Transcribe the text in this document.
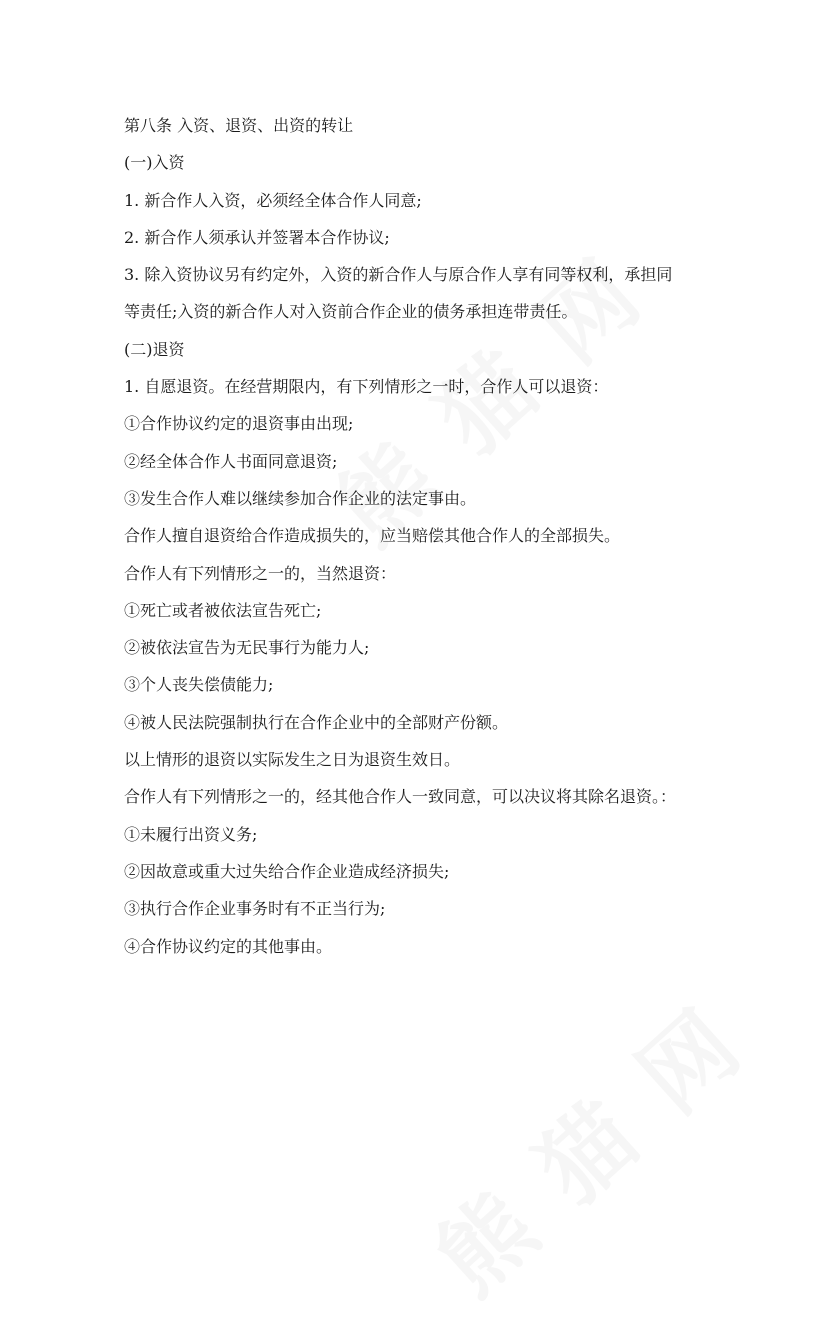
第八条 入资、退资、出资的转让
(一)入资
1. 新合作人入资，必须经全体合作人同意;
2. 新合作人须承认并签署本合作协议;
3. 除入资协议另有约定外，入资的新合作人与原合作人享有同等权利，承担同
等责任;入资的新合作人对入资前合作企业的债务承担连带责任。
(二)退资
1. 自愿退资。在经营期限内，有下列情形之一时，合作人可以退资：
①合作协议约定的退资事由出现;
②经全体合作人书面同意退资;
③发生合作人难以继续参加合作企业的法定事由。
合作人擅自退资给合作造成损失的，应当赔偿其他合作人的全部损失。
合作人有下列情形之一的，当然退资：
①死亡或者被依法宣告死亡;
②被依法宣告为无民事行为能力人;
③个人丧失偿债能力;
④被人民法院强制执行在合作企业中的全部财产份额。
以上情形的退资以实际发生之日为退资生效日。
合作人有下列情形之一的，经其他合作人一致同意，可以决议将其除名退资。：
①未履行出资义务;
②因故意或重大过失给合作企业造成经济损失;
③执行合作企业事务时有不正当行为;
④合作协议约定的其他事由。
